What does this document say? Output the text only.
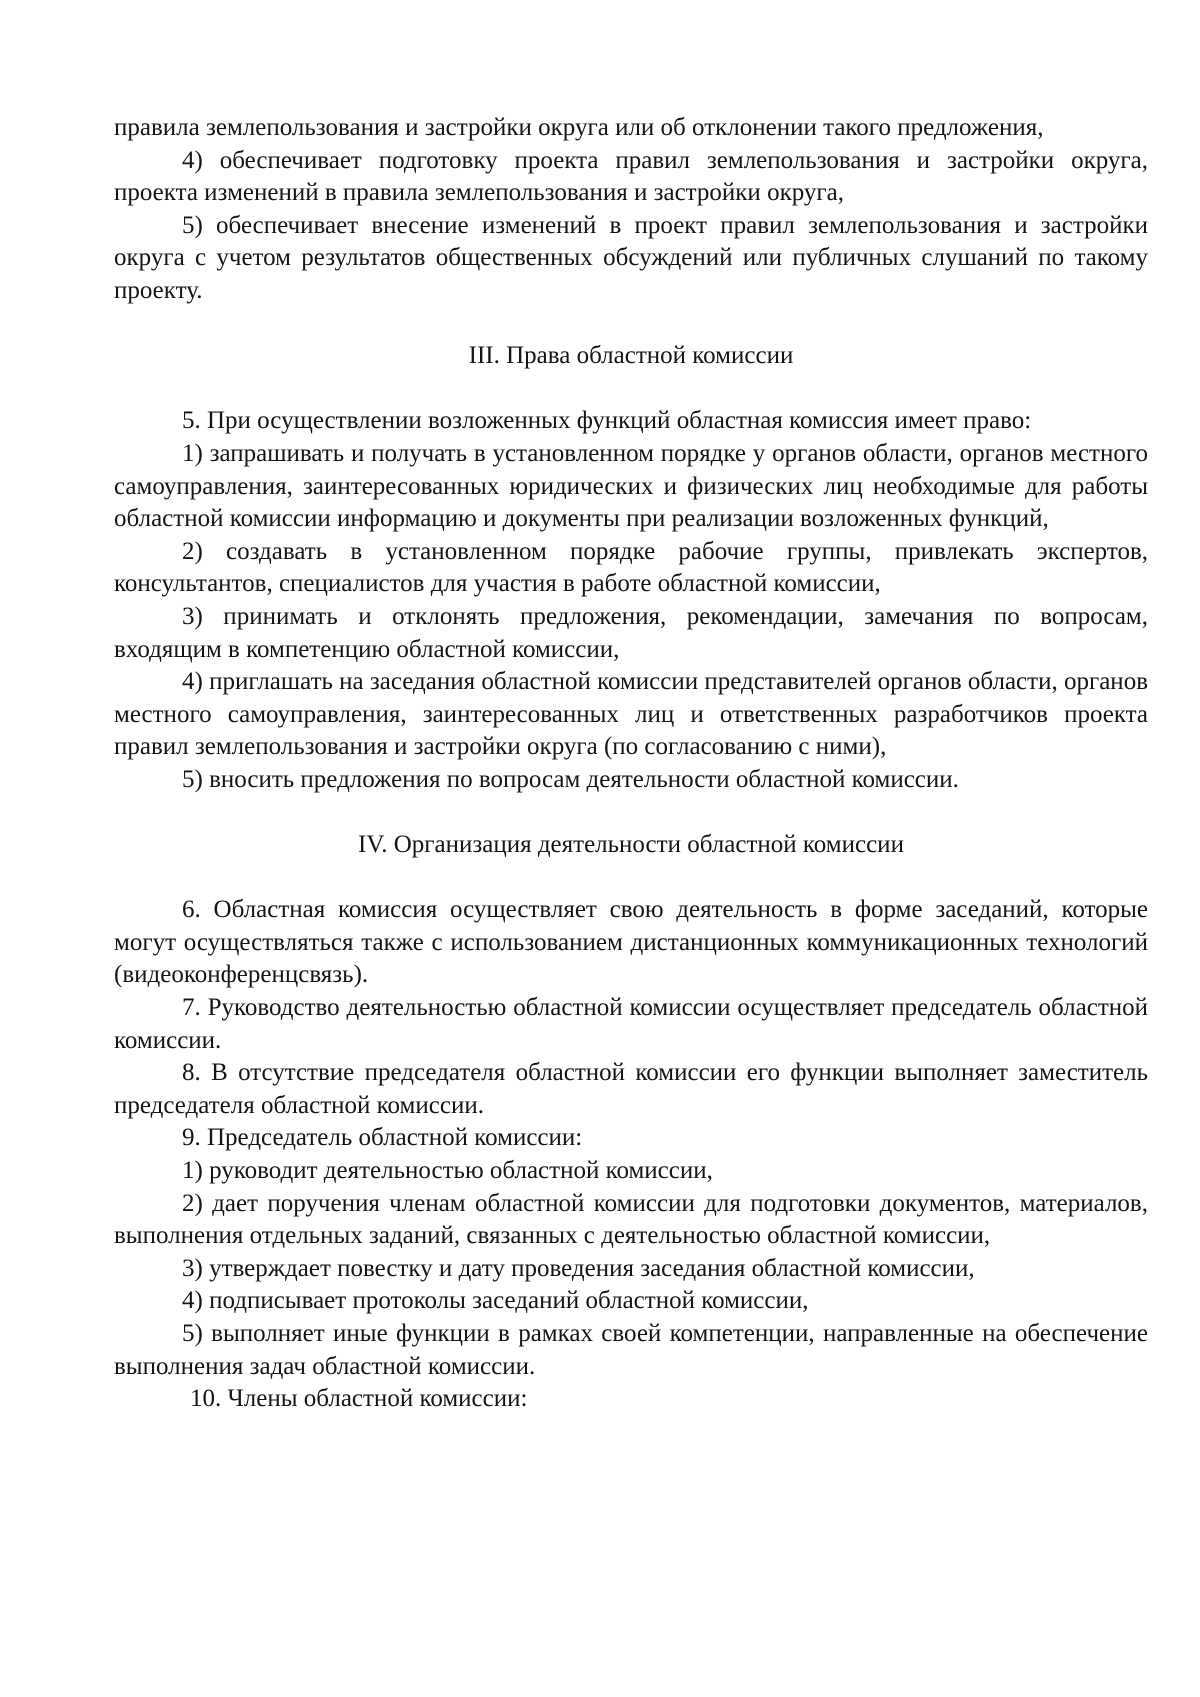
правила землепользования и застройки округа или об отклонении такого предложения,

4) обеспечивает подготовку проекта правил землепользования и застройки округа, проекта изменений в правила землепользования и застройки округа,

5) обеспечивает внесение изменений в проект правил землепользования и застройки округа с учетом результатов общественных обсуждений или публичных слушаний по такому проекту.

III. Права областной комиссии

5. При осуществлении возложенных функций областная комиссия имеет право:

1) запрашивать и получать в установленном порядке у органов области, органов местного самоуправления, заинтересованных юридических и физических лиц необходимые для работы областной комиссии информацию и документы при реализации возложенных функций,

2) создавать в установленном порядке рабочие группы, привлекать экспертов, консультантов, специалистов для участия в работе областной комиссии,

3) принимать и отклонять предложения, рекомендации, замечания по вопросам, входящим в компетенцию областной комиссии,

4) приглашать на заседания областной комиссии представителей органов области, органов местного самоуправления, заинтересованных лиц и ответственных разработчиков проекта правил землепользования и застройки округа (по согласованию с ними),

5) вносить предложения по вопросам деятельности областной комиссии.

IV. Организация деятельности областной комиссии

6. Областная комиссия осуществляет свою деятельность в форме заседаний, которые могут осуществляться также с использованием дистанционных коммуникационных технологий (видеоконференцсвязь).

7. Руководство деятельностью областной комиссии осуществляет председатель областной комиссии.

8. В отсутствие председателя областной комиссии его функции выполняет заместитель председателя областной комиссии.

9. Председатель областной комиссии:

1) руководит деятельностью областной комиссии,

2) дает поручения членам областной комиссии для подготовки документов, материалов, выполнения отдельных заданий, связанных с деятельностью областной комиссии,

3) утверждает повестку и дату проведения заседания областной комиссии,

4) подписывает протоколы заседаний областной комиссии,

5) выполняет иные функции в рамках своей компетенции, направленные на обеспечение выполнения задач областной комиссии.

10. Члены областной комиссии:
